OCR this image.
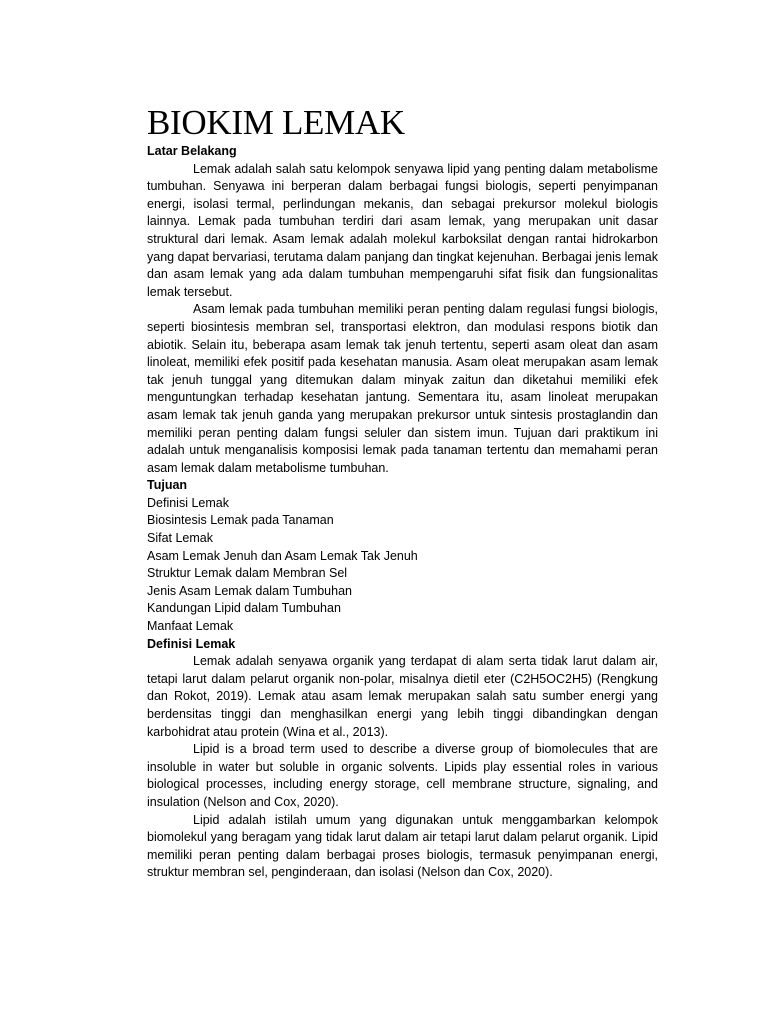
BIOKIM LEMAK
Latar Belakang

Lemak adalah salah satu kelompok senyawa lipid yang penting dalam metabolisme tumbuhan. Senyawa ini berperan dalam berbagai fungsi biologis, seperti penyimpanan energi, isolasi termal, perlindungan mekanis, dan sebagai prekursor molekul biologis lainnya. Lemak pada tumbuhan terdiri dari asam lemak, yang merupakan unit dasar struktural dari lemak. Asam lemak adalah molekul karboksilat dengan rantai hidrokarbon yang dapat bervariasi, terutama dalam panjang dan tingkat kejenuhan. Berbagai jenis lemak dan asam lemak yang ada dalam tumbuhan mempengaruhi sifat fisik dan fungsionalitas lemak tersebut.

Asam lemak pada tumbuhan memiliki peran penting dalam regulasi fungsi biologis, seperti biosintesis membran sel, transportasi elektron, dan modulasi respons biotik dan abiotik. Selain itu, beberapa asam lemak tak jenuh tertentu, seperti asam oleat dan asam linoleat, memiliki efek positif pada kesehatan manusia. Asam oleat merupakan asam lemak tak jenuh tunggal yang ditemukan dalam minyak zaitun dan diketahui memiliki efek menguntungkan terhadap kesehatan jantung. Sementara itu, asam linoleat merupakan asam lemak tak jenuh ganda yang merupakan prekursor untuk sintesis prostaglandin dan memiliki peran penting dalam fungsi seluler dan sistem imun. Tujuan dari praktikum ini adalah untuk menganalisis komposisi lemak pada tanaman tertentu dan memahami peran asam lemak dalam metabolisme tumbuhan.

Tujuan
Definisi Lemak
Biosintesis Lemak pada Tanaman
Sifat Lemak
Asam Lemak Jenuh dan Asam Lemak Tak Jenuh
Struktur Lemak dalam Membran Sel
Jenis Asam Lemak dalam Tumbuhan
Kandungan Lipid dalam Tumbuhan
Manfaat Lemak
Definisi Lemak

Lemak adalah senyawa organik yang terdapat di alam serta tidak larut dalam air, tetapi larut dalam pelarut organik non-polar, misalnya dietil eter (C2H5OC2H5) (Rengkung dan Rokot, 2019). Lemak atau asam lemak merupakan salah satu sumber energi yang berdensitas tinggi dan menghasilkan energi yang lebih tinggi dibandingkan dengan karbohidrat atau protein (Wina et al., 2013).

Lipid is a broad term used to describe a diverse group of biomolecules that are insoluble in water but soluble in organic solvents. Lipids play essential roles in various biological processes, including energy storage, cell membrane structure, signaling, and insulation (Nelson and Cox, 2020).

Lipid adalah istilah umum yang digunakan untuk menggambarkan kelompok biomolekul yang beragam yang tidak larut dalam air tetapi larut dalam pelarut organik. Lipid memiliki peran penting dalam berbagai proses biologis, termasuk penyimpanan energi, struktur membran sel, penginderaan, dan isolasi (Nelson dan Cox, 2020).
